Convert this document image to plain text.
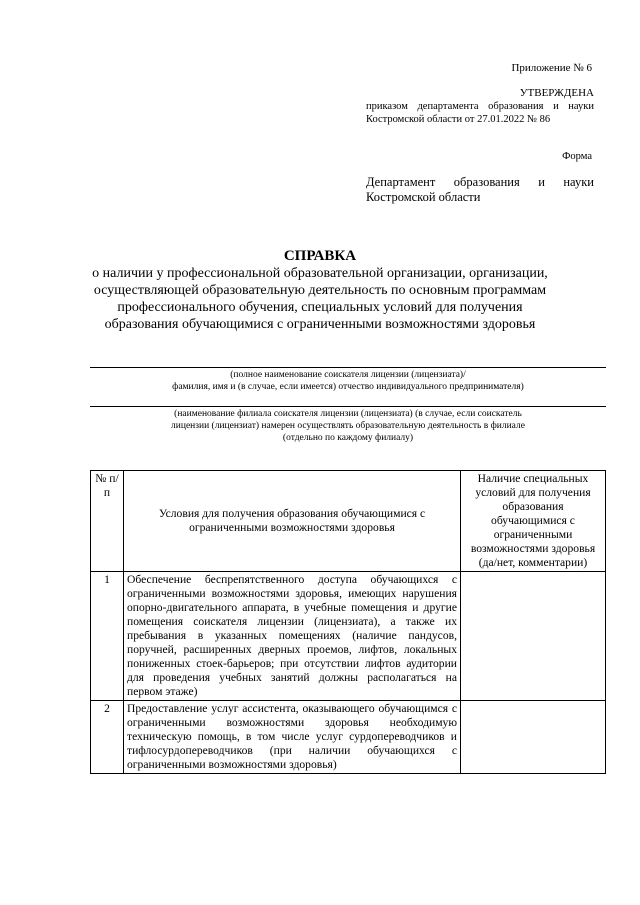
Приложение № 6
УТВЕРЖДЕНА
приказом департамента образования и науки
Костромской области от 27.01.2022 № 86
Форма
Департамент образования и науки
Костромской области
СПРАВКА
о наличии у профессиональной образовательной организации, организации,
осуществляющей образовательную деятельность по основным программам
профессионального обучения, специальных условий для получения
образования обучающимися с ограниченными возможностями здоровья
(полное наименование соискателя лицензии (лицензиата)/
фамилия, имя и (в случае, если имеется) отчество индивидуального предпринимателя)
(наименование филиала соискателя лицензии (лицензиата) (в случае, если соискатель
лицензии (лицензиат) намерен осуществлять образовательную деятельность в филиале
(отдельно по каждому филиалу)
№ п/п	Условия для получения образования обучающимися с ограниченными возможностями здоровья	Наличие специальных условий для получения образования обучающимися с ограниченными возможностями здоровья (да/нет, комментарии)
1	Обеспечение беспрепятственного доступа обучающихся с ограниченными возможностями здоровья, имеющих нарушения опорно-двигательного аппарата, в учебные помещения и другие помещения соискателя лицензии (лицензиата), а также их пребывания в указанных помещениях (наличие пандусов, поручней, расширенных дверных проемов, лифтов, локальных пониженных стоек-барьеров; при отсутствии лифтов аудитории для проведения учебных занятий должны располагаться на первом этаже)	
2	Предоставление услуг ассистента, оказывающего обучающимся с ограниченными возможностями здоровья необходимую техническую помощь, в том числе услуг сурдопереводчиков и тифлосурдопереводчиков (при наличии обучающихся с ограниченными возможностями здоровья)	
